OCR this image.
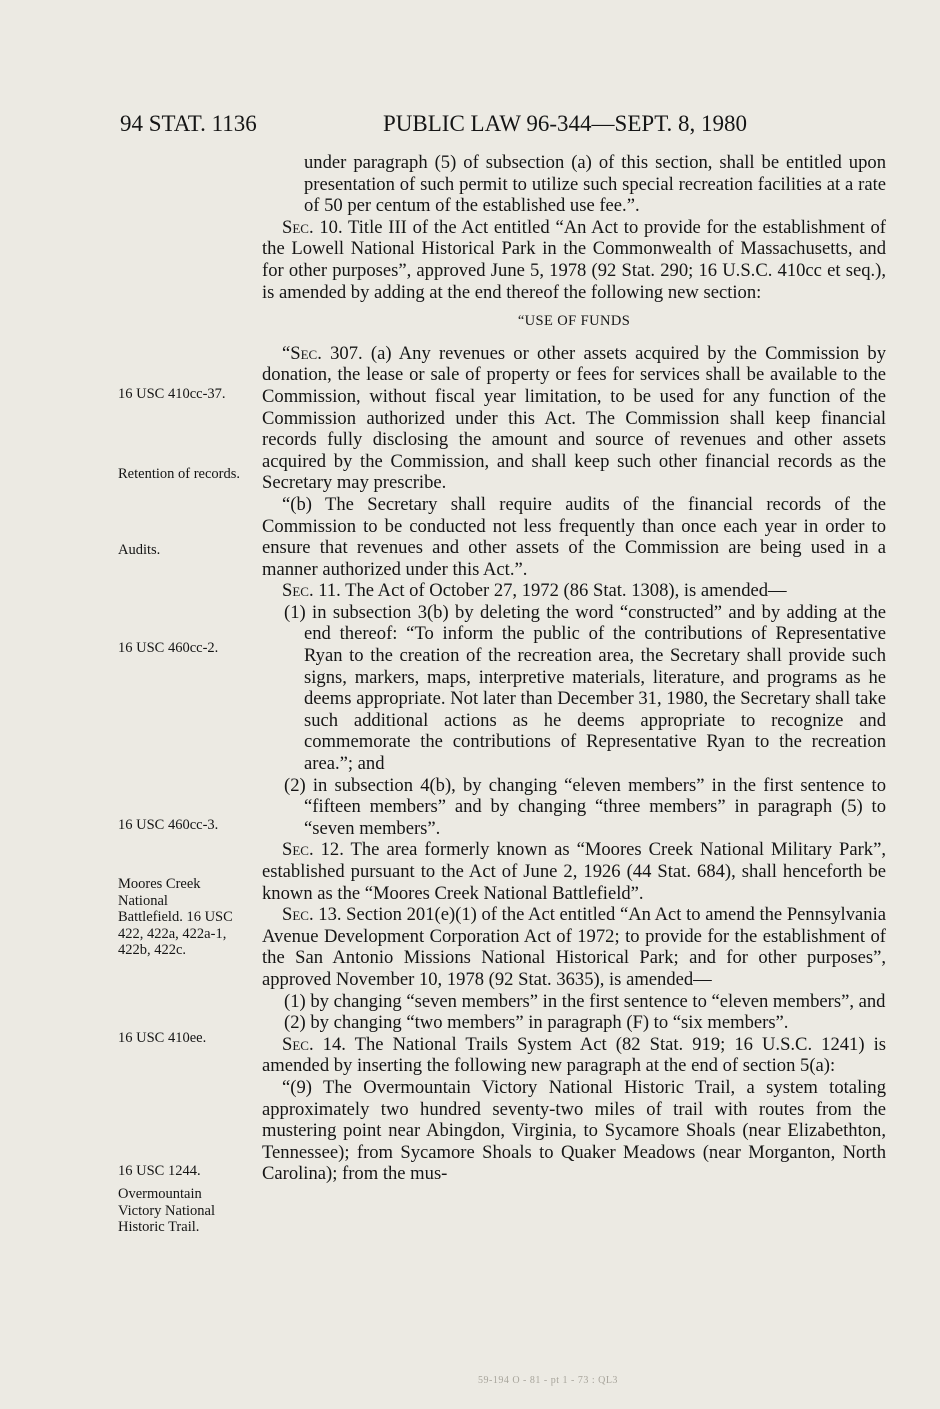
94 STAT. 1136	PUBLIC LAW 96-344—SEPT. 8, 1980
16 USC 410cc-37.
Retention of records.
Audits.
16 USC 460cc-2.
16 USC 460cc-3.
Moores Creek National Battlefield. 16 USC 422, 422a, 422a-1, 422b, 422c.
16 USC 410ee.
16 USC 1244.
Overmountain Victory National Historic Trail.

under paragraph (5) of subsection (a) of this section, shall be entitled upon presentation of such permit to utilize such special recreation facilities at a rate of 50 per centum of the established use fee.”.

Sec. 10. Title III of the Act entitled “An Act to provide for the establishment of the Lowell National Historical Park in the Commonwealth of Massachusetts, and for other purposes”, approved June 5, 1978 (92 Stat. 290; 16 U.S.C. 410cc et seq.), is amended by adding at the end thereof the following new section:

“USE OF FUNDS

“Sec. 307. (a) Any revenues or other assets acquired by the Commission by donation, the lease or sale of property or fees for services shall be available to the Commission, without fiscal year limitation, to be used for any function of the Commission authorized under this Act. The Commission shall keep financial records fully disclosing the amount and source of revenues and other assets acquired by the Commission, and shall keep such other financial records as the Secretary may prescribe.

“(b) The Secretary shall require audits of the financial records of the Commission to be conducted not less frequently than once each year in order to ensure that revenues and other assets of the Commission are being used in a manner authorized under this Act.”.

Sec. 11. The Act of October 27, 1972 (86 Stat. 1308), is amended—

(1) in subsection 3(b) by deleting the word “constructed” and by adding at the end thereof: “To inform the public of the contributions of Representative Ryan to the creation of the recreation area, the Secretary shall provide such signs, markers, maps, interpretive materials, literature, and programs as he deems appropriate. Not later than December 31, 1980, the Secretary shall take such additional actions as he deems appropriate to recognize and commemorate the contributions of Representative Ryan to the recreation area.”; and

(2) in subsection 4(b), by changing “eleven members” in the first sentence to “fifteen members” and by changing “three members” in paragraph (5) to “seven members”.

Sec. 12. The area formerly known as “Moores Creek National Military Park”, established pursuant to the Act of June 2, 1926 (44 Stat. 684), shall henceforth be known as the “Moores Creek National Battlefield”.

Sec. 13. Section 201(e)(1) of the Act entitled “An Act to amend the Pennsylvania Avenue Development Corporation Act of 1972; to provide for the establishment of the San Antonio Missions National Historical Park; and for other purposes”, approved November 10, 1978 (92 Stat. 3635), is amended—

(1) by changing “seven members” in the first sentence to “eleven members”, and

(2) by changing “two members” in paragraph (F) to “six members”.

Sec. 14. The National Trails System Act (82 Stat. 919; 16 U.S.C. 1241) is amended by inserting the following new paragraph at the end of section 5(a):

“(9) The Overmountain Victory National Historic Trail, a system totaling approximately two hundred seventy-two miles of trail with routes from the mustering point near Abingdon, Virginia, to Sycamore Shoals (near Elizabethton, Tennessee); from Sycamore Shoals to Quaker Meadows (near Morganton, North Carolina); from the mus-

59-194 O - 81 - pt 1 - 73 : QL3
